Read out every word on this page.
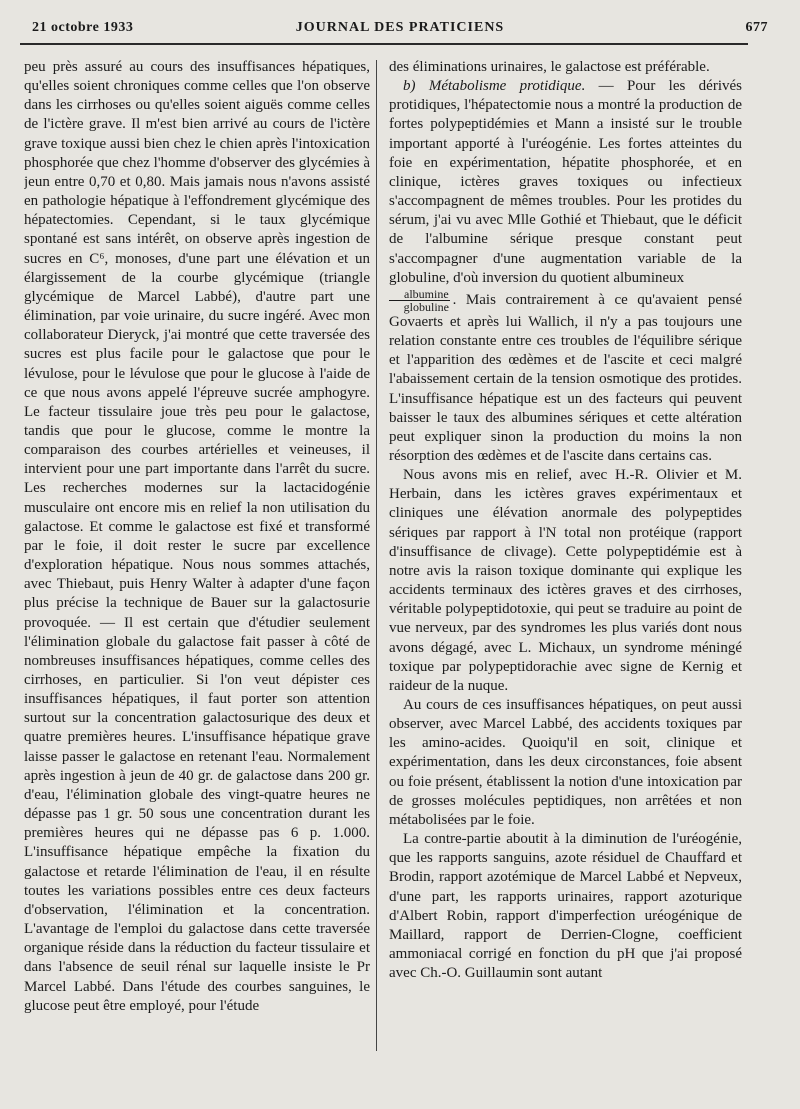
21 octobre 1933	JOURNAL DES PRATICIENS	677

peu près assuré au cours des insuffisances hépatiques, qu'elles soient chroniques comme celles que l'on observe dans les cirrhoses ou qu'elles soient aiguës comme celles de l'ictère grave. Il m'est bien arrivé au cours de l'ictère grave toxique aussi bien chez le chien après l'intoxication phosphorée que chez l'homme d'observer des glycémies à jeun entre 0,70 et 0,80. Mais jamais nous n'avons assisté en pathologie hépatique à l'effondrement glycémique des hépatectomies. Cependant, si le taux glycémique spontané est sans intérêt, on observe après ingestion de sucres en C⁶, monoses, d'une part une élévation et un élargissement de la courbe glycémique (triangle glycémique de Marcel Labbé), d'autre part une élimination, par voie urinaire, du sucre ingéré. Avec mon collaborateur Dieryck, j'ai montré que cette traversée des sucres est plus facile pour le galactose que pour le lévulose, pour le lévulose que pour le glucose à l'aide de ce que nous avons appelé l'épreuve sucrée amphogyre. Le facteur tissulaire joue très peu pour le galactose, tandis que pour le glucose, comme le montre la comparaison des courbes artérielles et veineuses, il intervient pour une part importante dans l'arrêt du sucre. Les recherches modernes sur la lactacidogénie musculaire ont encore mis en relief la non utilisation du galactose. Et comme le galactose est fixé et transformé par le foie, il doit rester le sucre par excellence d'exploration hépatique. Nous nous sommes attachés, avec Thiebaut, puis Henry Walter à adapter d'une façon plus précise la technique de Bauer sur la galactosurie provoquée. — Il est certain que d'étudier seulement l'élimination globale du galactose fait passer à côté de nombreuses insuffisances hépatiques, comme celles des cirrhoses, en particulier. Si l'on veut dépister ces insuffisances hépatiques, il faut porter son attention surtout sur la concentration galactosurique des deux et quatre premières heures. L'insuffisance hépatique grave laisse passer le galactose en retenant l'eau. Normalement après ingestion à jeun de 40 gr. de galactose dans 200 gr. d'eau, l'élimination globale des vingt-quatre heures ne dépasse pas 1 gr. 50 sous une concentration durant les premières heures qui ne dépasse pas 6 p. 1.000. L'insuffisance hépatique empêche la fixation du galactose et retarde l'élimination de l'eau, il en résulte toutes les variations possibles entre ces deux facteurs d'observation, l'élimination et la concentration. L'avantage de l'emploi du galactose dans cette traversée organique réside dans la réduction du facteur tissulaire et dans l'absence de seuil rénal sur laquelle insiste le Pr Marcel Labbé. Dans l'étude des courbes sanguines, le glucose peut être employé, pour l'étude

des éliminations urinaires, le galactose est préférable.

b) Métabolisme protidique. — Pour les dérivés protidiques, l'hépatectomie nous a montré la production de fortes polypeptidémies et Mann a insisté sur le trouble important apporté à l'uréogénie. Les fortes atteintes du foie en expérimentation, hépatite phosphorée, et en clinique, ictères graves toxiques ou infectieux s'accompagnent de mêmes troubles. Pour les protides du sérum, j'ai vu avec Mlle Gothié et Thiebaut, que le déficit de l'albumine sérique presque constant peut s'accompagner d'une augmentation variable de la globuline, d'où inversion du quotient albumineux

$\frac{\text{albumine}}{\text{globuline}}$ . Mais contrairement à ce qu'avaient pensé Govaerts et après lui Wallich, il n'y a pas toujours une relation constante entre ces troubles de l'équilibre sérique et l'apparition des œdèmes et de l'ascite et ceci malgré l'abaissement certain de la tension osmotique des protides. L'insuffisance hépatique est un des facteurs qui peuvent baisser le taux des albumines sériques et cette altération peut expliquer sinon la production du moins la non résorption des œdèmes et de l'ascite dans certains cas.

Nous avons mis en relief, avec H.-R. Olivier et M. Herbain, dans les ictères graves expérimentaux et cliniques une élévation anormale des polypeptides sériques par rapport à l'N total non protéique (rapport d'insuffisance de clivage). Cette polypeptidémie est à notre avis la raison toxique dominante qui explique les accidents terminaux des ictères graves et des cirrhoses, véritable polypeptidotoxie, qui peut se traduire au point de vue nerveux, par des syndromes les plus variés dont nous avons dégagé, avec L. Michaux, un syndrome méningé toxique par polypeptidorachie avec signe de Kernig et raideur de la nuque.

Au cours de ces insuffisances hépatiques, on peut aussi observer, avec Marcel Labbé, des accidents toxiques par les amino-acides. Quoiqu'il en soit, clinique et expérimentation, dans les deux circonstances, foie absent ou foie présent, établissent la notion d'une intoxication par de grosses molécules peptidiques, non arrêtées et non métabolisées par le foie.

La contre-partie aboutit à la diminution de l'uréogénie, que les rapports sanguins, azote résiduel de Chauffard et Brodin, rapport azotémique de Marcel Labbé et Nepveux, d'une part, les rapports urinaires, rapport azoturique d'Albert Robin, rapport d'imperfection uréogénique de Maillard, rapport de Derrien-Clogne, coefficient ammoniacal corrigé en fonction du pH que j'ai proposé avec Ch.-O. Guillaumin sont autant
